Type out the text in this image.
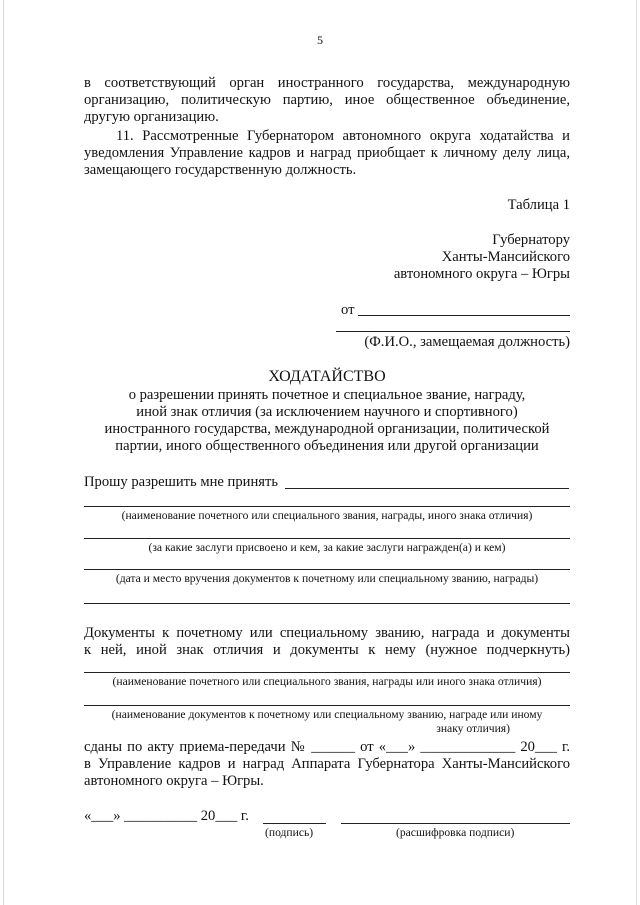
5
в соответствующий орган иностранного государства, международную
организацию, политическую партию, иное общественное объединение,
другую организацию.
11. Рассмотренные Губернатором автономного округа ходатайства и
уведомления Управление кадров и наград приобщает к личному делу лица,
замещающего государственную должность.
Таблица 1
Губернатору
Ханты-Мансийского
автономного округа – Югры
от
(Ф.И.О., замещаемая должность)
ХОДАТАЙСТВО
о разрешении принять почетное и специальное звание, награду,
иной знак отличия (за исключением научного и спортивного)
иностранного государства, международной организации, политической
партии, иного общественного объединения или другой организации
Прошу разрешить мне принять
(наименование почетного или специального звания, награды, иного знака отличия)
(за какие заслуги присвоено и кем, за какие заслуги награжден(а) и кем)
(дата и место вручения документов к почетному или специальному званию, награды)
Документы к почетному или специальному званию, награда и документы
к ней, иной знак отличия и документы к нему (нужное подчеркнуть)
(наименование почетного или специального звания, награды или иного знака отличия)
(наименование документов к почетному или специальному званию, награде или иному
знаку отличия)
сданы по акту приема-передачи № ______ от «___» _____________ 20___ г.
в Управление кадров и наград Аппарата Губернатора Ханты-Мансийского
автономного округа – Югры.
«___» __________ 20___ г.
(подпись)	(расшифровка подписи)
